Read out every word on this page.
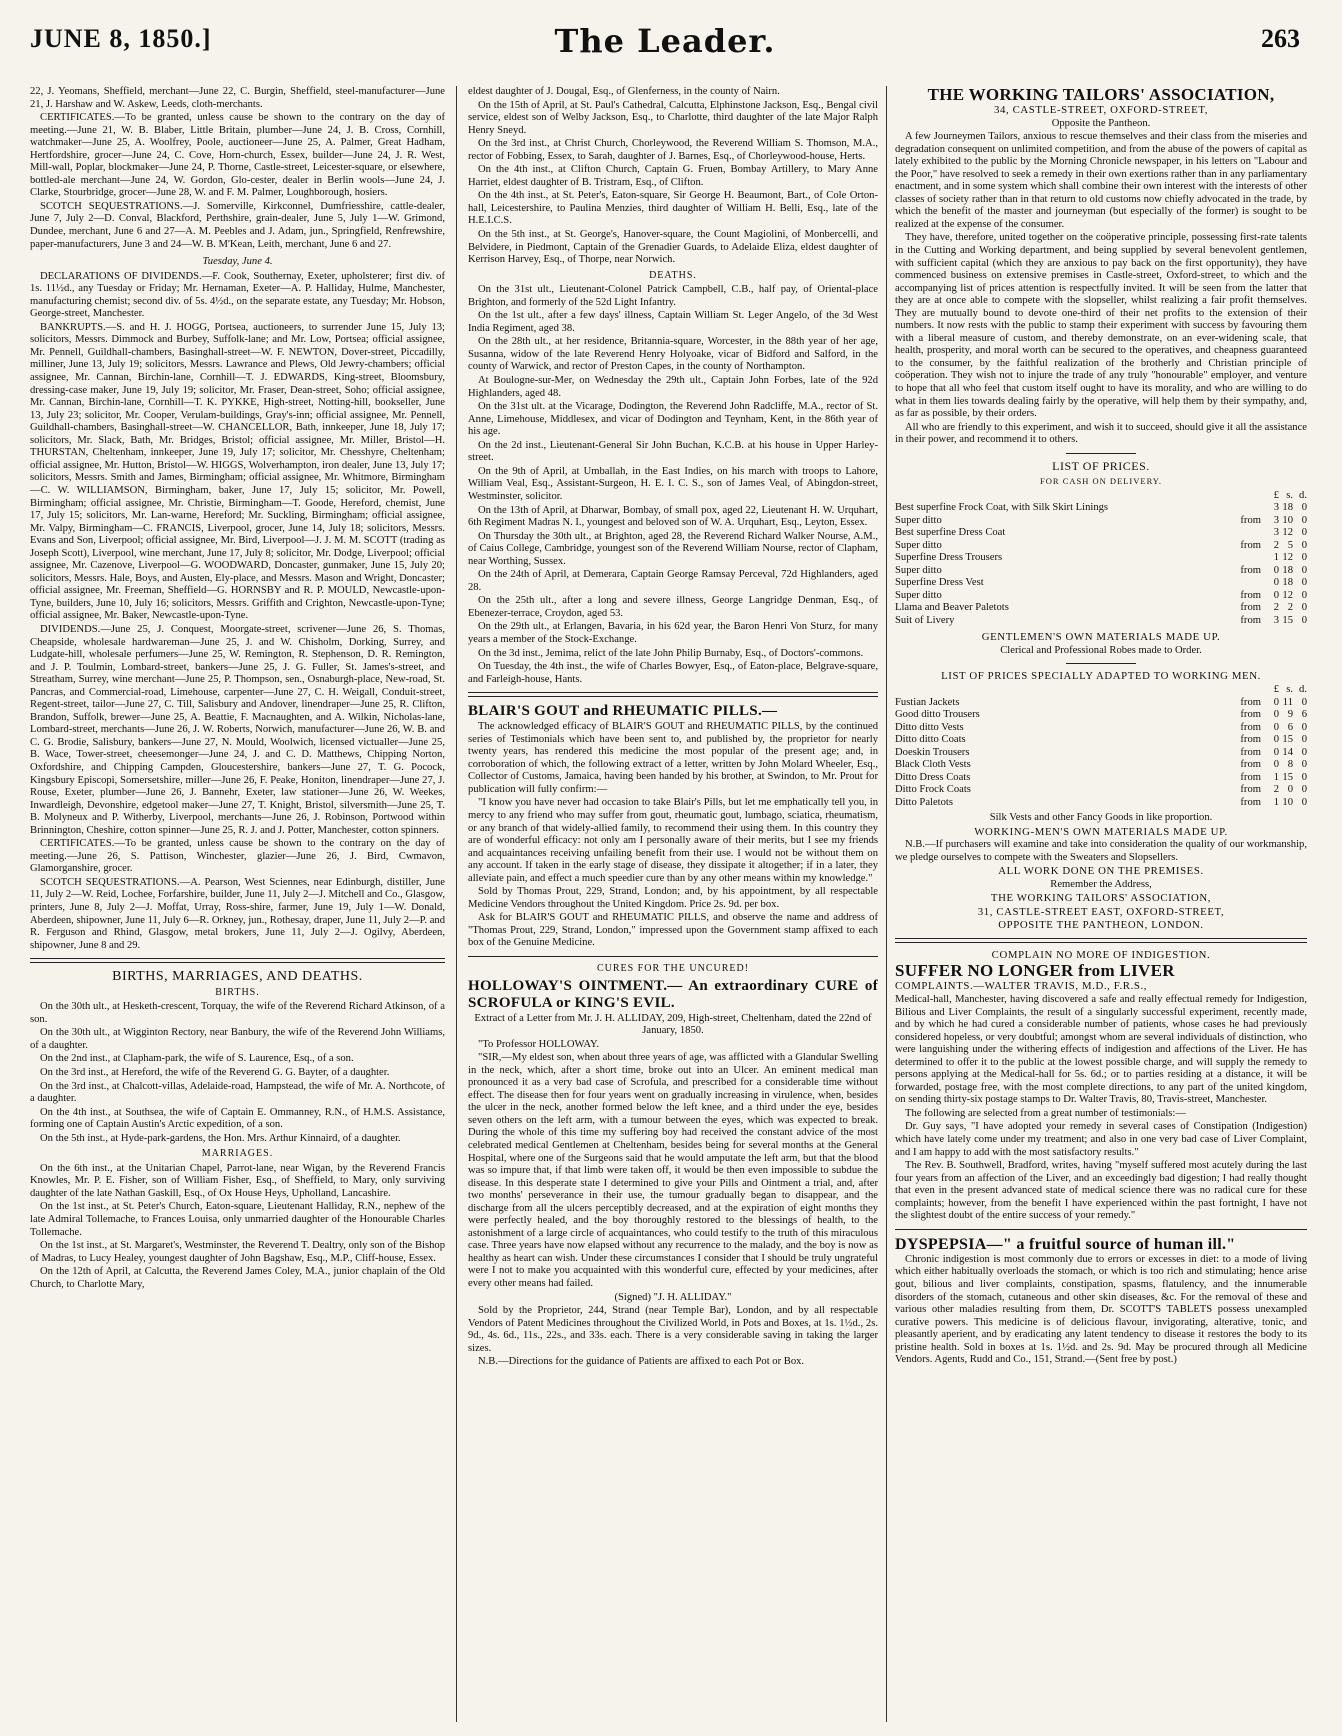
JUNE 8, 1850.]	The Leader.	263

22, J. Yeomans, Sheffield, merchant—June 22, C. Burgin, Sheffield, steel-manufacturer—June 21, J. Harshaw and W. Askew, Leeds, cloth-merchants.

CERTIFICATES.—To be granted, unless cause be shown to the contrary on the day of meeting.—June 21, W. B. Blaber, Little Britain, plumber—June 24, J. B. Cross, Cornhill, watchmaker—June 25, A. Woolfrey, Poole, auctioneer—June 25, A. Palmer, Great Hadham, Hertfordshire, grocer—June 24, C. Cove, Horn-church, Essex, builder—June 24, J. R. West, Mill-wall, Poplar, blockmaker—June 24, P. Thorne, Castle-street, Leicester-square, or elsewhere, bottled-ale merchant—June 24, W. Gordon, Glo-cester, dealer in Berlin wools—June 24, J. Clarke, Stourbridge, grocer—June 28, W. and F. M. Palmer, Loughborough, hosiers.

SCOTCH SEQUESTRATIONS.—J. Somerville, Kirkconnel, Dumfriesshire, cattle-dealer, June 7, July 2—D. Conval, Blackford, Perthshire, grain-dealer, June 5, July 1—W. Grimond, Dundee, merchant, June 6 and 27—A. M. Peebles and J. Adam, jun., Springfield, Renfrewshire, paper-manufacturers, June 3 and 24—W. B. M'Kean, Leith, merchant, June 6 and 27.

Tuesday, June 4.

DECLARATIONS OF DIVIDENDS.—F. Cook, Southernay, Exeter, upholsterer; first div. of 1s. 11½d., any Tuesday or Friday; Mr. Hernaman, Exeter—A. P. Halliday, Hulme, Manchester, manufacturing chemist; second div. of 5s. 4½d., on the separate estate, any Tuesday; Mr. Hobson, George-street, Manchester.

BANKRUPTS.—S. and H. J. HOGG, Portsea, auctioneers, to surrender June 15, July 13; solicitors, Messrs. Dimmock and Burbey, Suffolk-lane; and Mr. Low, Portsea; official assignee, Mr. Pennell, Guildhall-chambers, Basinghall-street—W. F. NEWTON, Dover-street, Piccadilly, milliner, June 13, July 19; solicitors, Messrs. Lawrance and Plews, Old Jewry-chambers; official assignee, Mr. Cannan, Birchin-lane, Cornhill—T. J. EDWARDS, King-street, Bloomsbury, dressing-case maker, June 19, July 19; solicitor, Mr. Fraser, Dean-street, Soho; official assignee, Mr. Cannan, Birchin-lane, Cornhill—T. K. PYKKE, High-street, Notting-hill, bookseller, June 13, July 23; solicitor, Mr. Cooper, Verulam-buildings, Gray's-inn; official assignee, Mr. Pennell, Guildhall-chambers, Basinghall-street—W. CHANCELLOR, Bath, innkeeper, June 18, July 17; solicitors, Mr. Slack, Bath, Mr. Bridges, Bristol; official assignee, Mr. Miller, Bristol—H. THURSTAN, Cheltenham, innkeeper, June 19, July 17; solicitor, Mr. Chesshyre, Cheltenham; official assignee, Mr. Hutton, Bristol—W. HIGGS, Wolverhampton, iron dealer, June 13, July 17; solicitors, Messrs. Smith and James, Birmingham; official assignee, Mr. Whitmore, Birmingham—C. W. WILLIAMSON, Birmingham, baker, June 17, July 15; solicitor, Mr. Powell, Birmingham; official assignee, Mr. Christie, Birmingham—T. Goode, Hereford, chemist, June 17, July 15; solicitors, Mr. Lan-warne, Hereford; Mr. Suckling, Birmingham; official assignee, Mr. Valpy, Birmingham—C. FRANCIS, Liverpool, grocer, June 14, July 18; solicitors, Messrs. Evans and Son, Liverpool; official assignee, Mr. Bird, Liverpool—J. J. M. M. SCOTT (trading as Joseph Scott), Liverpool, wine merchant, June 17, July 8; solicitor, Mr. Dodge, Liverpool; official assignee, Mr. Cazenove, Liverpool—G. WOODWARD, Doncaster, gunmaker, June 15, July 20; solicitors, Messrs. Hale, Boys, and Austen, Ely-place, and Messrs. Mason and Wright, Doncaster; official assignee, Mr. Freeman, Sheffield—G. HORNSBY and R. P. MOULD, Newcastle-upon-Tyne, builders, June 10, July 16; solicitors, Messrs. Griffith and Crighton, Newcastle-upon-Tyne; official assignee, Mr. Baker, Newcastle-upon-Tyne.

DIVIDENDS.—June 25, J. Conquest, Moorgate-street, scrivener—June 26, S. Thomas, Cheapside, wholesale hardwareman—June 25, J. and W. Chisholm, Dorking, Surrey, and Ludgate-hill, wholesale perfumers—June 25, W. Remington, R. Stephenson, D. R. Remington, and J. P. Toulmin, Lombard-street, bankers—June 25, J. G. Fuller, St. James's-street, and Streatham, Surrey, wine merchant—June 25, P. Thompson, sen., Osnaburgh-place, New-road, St. Pancras, and Commercial-road, Limehouse, carpenter—June 27, C. H. Weigall, Conduit-street, Regent-street, tailor—June 27, C. Till, Salisbury and Andover, linendraper—June 25, R. Clifton, Brandon, Suffolk, brewer—June 25, A. Beattie, F. Macnaughten, and A. Wilkin, Nicholas-lane, Lombard-street, merchants—June 26, J. W. Roberts, Norwich, manufacturer—June 26, W. B. and C. G. Brodie, Salisbury, bankers—June 27, N. Mould, Woolwich, licensed victualler—June 25, B. Wace, Tower-street, cheesemonger—June 24, J. and C. D. Matthews, Chipping Norton, Oxfordshire, and Chipping Campden, Gloucestershire, bankers—June 27, T. G. Pocock, Kingsbury Episcopi, Somersetshire, miller—June 26, F. Peake, Honiton, linendraper—June 27, J. Rouse, Exeter, plumber—June 26, J. Bannehr, Exeter, law stationer—June 26, W. Weekes, Inwardleigh, Devonshire, edgetool maker—June 27, T. Knight, Bristol, silversmith—June 25, T. B. Molyneux and P. Witherby, Liverpool, merchants—June 26, J. Robinson, Portwood within Brinnington, Cheshire, cotton spinner—June 25, R. J. and J. Potter, Manchester, cotton spinners.

CERTIFICATES.—To be granted, unless cause be shown to the contrary on the day of meeting.—June 26, S. Pattison, Winchester, glazier—June 26, J. Bird, Cwmavon, Glamorganshire, grocer.

SCOTCH SEQUESTRATIONS.—A. Pearson, West Sciennes, near Edinburgh, distiller, June 11, July 2—W. Reid, Lochee, Forfarshire, builder, June 11, July 2—J. Mitchell and Co., Glasgow, printers, June 8, July 2—J. Moffat, Urray, Ross-shire, farmer, June 19, July 1—W. Donald, Aberdeen, shipowner, June 11, July 6—R. Orkney, jun., Rothesay, draper, June 11, July 2—P. and R. Ferguson and Rhind, Glasgow, metal brokers, June 11, July 2—J. Ogilvy, Aberdeen, shipowner, June 8 and 29.

BIRTHS, MARRIAGES, AND DEATHS.
BIRTHS.

On the 30th ult., at Hesketh-crescent, Torquay, the wife of the Reverend Richard Atkinson, of a son.

On the 30th ult., at Wigginton Rectory, near Banbury, the wife of the Reverend John Williams, of a daughter.

On the 2nd inst., at Clapham-park, the wife of S. Laurence, Esq., of a son.

On the 3rd inst., at Hereford, the wife of the Reverend G. G. Bayter, of a daughter.

On the 3rd inst., at Chalcott-villas, Adelaide-road, Hampstead, the wife of Mr. A. Northcote, of a daughter.

On the 4th inst., at Southsea, the wife of Captain E. Ommanney, R.N., of H.M.S. Assistance, forming one of Captain Austin's Arctic expedition, of a son.

On the 5th inst., at Hyde-park-gardens, the Hon. Mrs. Arthur Kinnaird, of a daughter.

MARRIAGES.

On the 6th inst., at the Unitarian Chapel, Parrot-lane, near Wigan, by the Reverend Francis Knowles, Mr. P. E. Fisher, son of William Fisher, Esq., of Sheffield, to Mary, only surviving daughter of the late Nathan Gaskill, Esq., of Ox House Heys, Upholland, Lancashire.

On the 1st inst., at St. Peter's Church, Eaton-square, Lieutenant Halliday, R.N., nephew of the late Admiral Tollemache, to Frances Louisa, only unmarried daughter of the Honourable Charles Tollemache.

On the 1st inst., at St. Margaret's, Westminster, the Reverend T. Dealtry, only son of the Bishop of Madras, to Lucy Healey, youngest daughter of John Bagshaw, Esq., M.P., Cliff-house, Essex.

On the 12th of April, at Calcutta, the Reverend James Coley, M.A., junior chaplain of the Old Church, to Charlotte Mary,

eldest daughter of J. Dougal, Esq., of Glenferness, in the county of Nairn.

On the 15th of April, at St. Paul's Cathedral, Calcutta, Elphinstone Jackson, Esq., Bengal civil service, eldest son of Welby Jackson, Esq., to Charlotte, third daughter of the late Major Ralph Henry Sneyd.

On the 3rd inst., at Christ Church, Chorleywood, the Reverend William S. Thomson, M.A., rector of Fobbing, Essex, to Sarah, daughter of J. Barnes, Esq., of Chorleywood-house, Herts.

On the 4th inst., at Clifton Church, Captain G. Fruen, Bombay Artillery, to Mary Anne Harriet, eldest daughter of B. Tristram, Esq., of Clifton.

On the 4th inst., at St. Peter's, Eaton-square, Sir George H. Beaumont, Bart., of Cole Orton-hall, Leicestershire, to Paulina Menzies, third daughter of William H. Belli, Esq., late of the H.E.I.C.S.

On the 5th inst., at St. George's, Hanover-square, the Count Magiolini, of Monbercelli, and Belvidere, in Piedmont, Captain of the Grenadier Guards, to Adelaide Eliza, eldest daughter of Kerrison Harvey, Esq., of Thorpe, near Norwich.

DEATHS.

On the 31st ult., Lieutenant-Colonel Patrick Campbell, C.B., half pay, of Oriental-place Brighton, and formerly of the 52d Light Infantry.

On the 1st ult., after a few days' illness, Captain William St. Leger Angelo, of the 3d West India Regiment, aged 38.

On the 28th ult., at her residence, Britannia-square, Worcester, in the 88th year of her age, Susanna, widow of the late Reverend Henry Holyoake, vicar of Bidford and Salford, in the county of Warwick, and rector of Preston Capes, in the county of Northampton.

At Boulogne-sur-Mer, on Wednesday the 29th ult., Captain John Forbes, late of the 92d Highlanders, aged 48.

On the 31st ult. at the Vicarage, Dodington, the Reverend John Radcliffe, M.A., rector of St. Anne, Limehouse, Middlesex, and vicar of Dodington and Teynham, Kent, in the 86th year of his age.

On the 2d inst., Lieutenant-General Sir John Buchan, K.C.B. at his house in Upper Harley-street.

On the 9th of April, at Umballah, in the East Indies, on his march with troops to Lahore, William Veal, Esq., Assistant-Surgeon, H. E. I. C. S., son of James Veal, of Abingdon-street, Westminster, solicitor.

On the 13th of April, at Dharwar, Bombay, of small pox, aged 22, Lieutenant H. W. Urquhart, 6th Regiment Madras N. I., youngest and beloved son of W. A. Urquhart, Esq., Leyton, Essex.

On Thursday the 30th ult., at Brighton, aged 28, the Reverend Richard Walker Nourse, A.M., of Caius College, Cambridge, youngest son of the Reverend William Nourse, rector of Clapham, near Worthing, Sussex.

On the 24th of April, at Demerara, Captain George Ramsay Perceval, 72d Highlanders, aged 28.

On the 25th ult., after a long and severe illness, George Langridge Denman, Esq., of Ebenezer-terrace, Croydon, aged 53.

On the 29th ult., at Erlangen, Bavaria, in his 62d year, the Baron Henri Von Sturz, for many years a member of the Stock-Exchange.

On the 3d inst., Jemima, relict of the late John Philip Burnaby, Esq., of Doctors'-commons.

On Tuesday, the 4th inst., the wife of Charles Bowyer, Esq., of Eaton-place, Belgrave-square, and Farleigh-house, Hants.

BLAIR'S GOUT and RHEUMATIC PILLS.—

The acknowledged efficacy of BLAIR'S GOUT and RHEUMATIC PILLS, by the continued series of Testimonials which have been sent to, and published by, the proprietor for nearly twenty years, has rendered this medicine the most popular of the present age; and, in corroboration of which, the following extract of a letter, written by John Molard Wheeler, Esq., Collector of Customs, Jamaica, having been handed by his brother, at Swindon, to Mr. Prout for publication will fully confirm:—

"I know you have never had occasion to take Blair's Pills, but let me emphatically tell you, in mercy to any friend who may suffer from gout, rheumatic gout, lumbago, sciatica, rheumatism, or any branch of that widely-allied family, to recommend their using them. In this country they are of wonderful efficacy: not only am I personally aware of their merits, but I see my friends and acquaintances receiving unfailing benefit from their use. I would not be without them on any account. If taken in the early stage of disease, they dissipate it altogether; if in a later, they alleviate pain, and effect a much speedier cure than by any other means within my knowledge."

Sold by Thomas Prout, 229, Strand, London; and, by his appointment, by all respectable Medicine Vendors throughout the United Kingdom. Price 2s. 9d. per box.

Ask for BLAIR'S GOUT and RHEUMATIC PILLS, and observe the name and address of "Thomas Prout, 229, Strand, London," impressed upon the Government stamp affixed to each box of the Genuine Medicine.

CURES FOR THE UNCURED!

HOLLOWAY'S OINTMENT.— An extraordinary CURE of SCROFULA or KING'S EVIL.

Extract of a Letter from Mr. J. H. ALLIDAY, 209, High-street, Cheltenham, dated the 22nd of January, 1850.

"To Professor HOLLOWAY.

"SIR,—My eldest son, when about three years of age, was afflicted with a Glandular Swelling in the neck, which, after a short time, broke out into an Ulcer. An eminent medical man pronounced it as a very bad case of Scrofula, and prescribed for a considerable time without effect. The disease then for four years went on gradually increasing in virulence, when, besides the ulcer in the neck, another formed below the left knee, and a third under the eye, besides seven others on the left arm, with a tumour between the eyes, which was expected to break. During the whole of this time my suffering boy had received the constant advice of the most celebrated medical Gentlemen at Cheltenham, besides being for several months at the General Hospital, where one of the Surgeons said that he would amputate the left arm, but that the blood was so impure that, if that limb were taken off, it would be then even impossible to subdue the disease. In this desperate state I determined to give your Pills and Ointment a trial, and, after two months' perseverance in their use, the tumour gradually began to disappear, and the discharge from all the ulcers perceptibly decreased, and at the expiration of eight months they were perfectly healed, and the boy thoroughly restored to the blessings of health, to the astonishment of a large circle of acquaintances, who could testify to the truth of this miraculous case. Three years have now elapsed without any recurrence to the malady, and the boy is now as healthy as heart can wish. Under these circumstances I consider that I should be truly ungrateful were I not to make you acquainted with this wonderful cure, effected by your medicines, after every other means had failed.

(Signed) "J. H. ALLIDAY."

Sold by the Proprietor, 244, Strand (near Temple Bar), London, and by all respectable Vendors of Patent Medicines throughout the Civilized World, in Pots and Boxes, at 1s. 1½d., 2s. 9d., 4s. 6d., 11s., 22s., and 33s. each. There is a very considerable saving in taking the larger sizes.

N.B.—Directions for the guidance of Patients are affixed to each Pot or Box.

THE WORKING TAILORS' ASSOCIATION,

34, CASTLE-STREET, OXFORD-STREET,

Opposite the Pantheon.

A few Journeymen Tailors, anxious to rescue themselves and their class from the miseries and degradation consequent on unlimited competition, and from the abuse of the powers of capital as lately exhibited to the public by the Morning Chronicle newspaper, in his letters on "Labour and the Poor," have resolved to seek a remedy in their own exertions rather than in any parliamentary enactment, and in some system which shall combine their own interest with the interests of other classes of society rather than in that return to old customs now chiefly advocated in the trade, by which the benefit of the master and journeyman (but especially of the former) is sought to be realized at the expense of the consumer.

They have, therefore, united together on the coöperative principle, possessing first-rate talents in the Cutting and Working department, and being supplied by several benevolent gentlemen, with sufficient capital (which they are anxious to pay back on the first opportunity), they have commenced business on extensive premises in Castle-street, Oxford-street, to which and the accompanying list of prices attention is respectfully invited. It will be seen from the latter that they are at once able to compete with the slopseller, whilst realizing a fair profit themselves. They are mutually bound to devote one-third of their net profits to the extension of their numbers. It now rests with the public to stamp their experiment with success by favouring them with a liberal measure of custom, and thereby demonstrate, on an ever-widening scale, that health, prosperity, and moral worth can be secured to the operatives, and cheapness guaranteed to the consumer, by the faithful realization of the brotherly and Christian principle of coöperation. They wish not to injure the trade of any truly "honourable" employer, and venture to hope that all who feel that custom itself ought to have its morality, and who are willing to do what in them lies towards dealing fairly by the operative, will help them by their sympathy, and, as far as possible, by their orders.

All who are friendly to this experiment, and wish it to succeed, should give it all the assistance in their power, and recommend it to others.

LIST OF PRICES.
FOR CASH ON DELIVERY.
		£	s.	d.
Best superfine Frock Coat, with Silk Skirt Linings		3	18	0
Super ditto	from	3	10	0
Best superfine Dress Coat		3	12	0
Super ditto	from	2	5	0
Superfine Dress Trousers		1	12	0
Super ditto	from	0	18	0
Superfine Dress Vest		0	18	0
Super ditto	from	0	12	0
Llama and Beaver Paletots	from	2	2	0
Suit of Livery	from	3	15	0

GENTLEMEN'S OWN MATERIALS MADE UP.

Clerical and Professional Robes made to Order.

LIST OF PRICES SPECIALLY ADAPTED TO WORKING MEN.

		£	s.	d.
Fustian Jackets	from	0	11	0
Good ditto Trousers	from	0	9	6
Ditto ditto Vests	from	0	6	0
Ditto ditto Coats	from	0	15	0
Doeskin Trousers	from	0	14	0
Black Cloth Vests	from	0	8	0
Ditto Dress Coats	from	1	15	0
Ditto Frock Coats	from	2	0	0
Ditto Paletots	from	1	10	0

Silk Vests and other Fancy Goods in like proportion.

WORKING-MEN'S OWN MATERIALS MADE UP.

N.B.—If purchasers will examine and take into consideration the quality of our workmanship, we pledge ourselves to compete with the Sweaters and Slopsellers.

ALL WORK DONE ON THE PREMISES.

Remember the Address,

THE WORKING TAILORS' ASSOCIATION,

31, CASTLE-STREET EAST, OXFORD-STREET,

OPPOSITE THE PANTHEON, LONDON.

COMPLAIN NO MORE OF INDIGESTION.

SUFFER NO LONGER from LIVER

COMPLAINTS.—WALTER TRAVIS, M.D., F.R.S.,

Medical-hall, Manchester, having discovered a safe and really effectual remedy for Indigestion, Bilious and Liver Complaints, the result of a singularly successful experiment, recently made, and by which he had cured a considerable number of patients, whose cases he had previously considered hopeless, or very doubtful; amongst whom are several individuals of distinction, who were languishing under the withering effects of indigestion and affections of the Liver. He has determined to offer it to the public at the lowest possible charge, and will supply the remedy to persons applying at the Medical-hall for 5s. 6d.; or to parties residing at a distance, it will be forwarded, postage free, with the most complete directions, to any part of the united kingdom, on sending thirty-six postage stamps to Dr. Walter Travis, 80, Travis-street, Manchester.

The following are selected from a great number of testimonials:—

Dr. Guy says, "I have adopted your remedy in several cases of Constipation (Indigestion) which have lately come under my treatment; and also in one very bad case of Liver Complaint, and I am happy to add with the most satisfactory results."

The Rev. B. Southwell, Bradford, writes, having "myself suffered most acutely during the last four years from an affection of the Liver, and an exceedingly bad digestion; I had really thought that even in the present advanced state of medical science there was no radical cure for these complaints; however, from the benefit I have experienced within the past fortnight, I have not the slightest doubt of the entire success of your remedy."

DYSPEPSIA—" a fruitful source of human ill."

Chronic indigestion is most commonly due to errors or excesses in diet: to a mode of living which either habitually overloads the stomach, or which is too rich and stimulating; hence arise gout, bilious and liver complaints, constipation, spasms, flatulency, and the innumerable disorders of the stomach, cutaneous and other skin diseases, &c. For the removal of these and various other maladies resulting from them, Dr. SCOTT'S TABLETS possess unexampled curative powers. This medicine is of delicious flavour, invigorating, alterative, tonic, and pleasantly aperient, and by eradicating any latent tendency to disease it restores the body to its pristine health. Sold in boxes at 1s. 1½d. and 2s. 9d. May be procured through all Medicine Vendors. Agents, Rudd and Co., 151, Strand.—(Sent free by post.)
